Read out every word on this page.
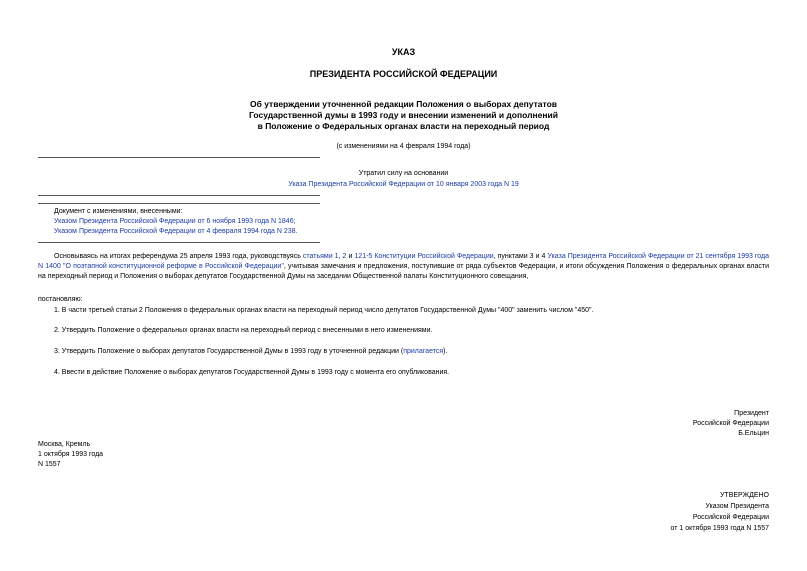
УКАЗ
ПРЕЗИДЕНТА РОССИЙСКОЙ ФЕДЕРАЦИИ
Об утверждении уточненной редакции Положения о выборах депутатов
Государственной думы в 1993 году и внесении изменений и дополнений
в Положение о Федеральных органах власти на переходный период
(с изменениями на 4 февраля 1994 года)
Утратил силу на основании
Указа Президента Российской Федерации от 10 января 2003 года N 19
Документ с изменениями, внесенными:
Указом Президента Российской Федерации от 6 ноября 1993 года N 1846;
Указом Президента Российской Федерации от 4 февраля 1994 года N 238.
Основываясь на итогах референдума 25 апреля 1993 года, руководствуясь статьями 1, 2 и 121-5 Конституции Российской Федерации, пунктами 3 и 4 Указа Президента Российской Федерации от 21 сентября 1993 года N 1400 "О поэтапной конституционной реформе в Российской Федерации", учитывая замечания и предложения, поступившие от ряда субъектов Федерации, и итоги обсуждения Положения о федеральных органах власти на переходный период и Положения о выборах депутатов Государственной Думы на заседании Общественной палаты Конституционного совещания,
постановляю:
1. В части третьей статьи 2 Положения о федеральных органах власти на переходный период число депутатов Государственной Думы "400" заменить числом "450".
2. Утвердить Положение о федеральных органах власти на переходный период с внесенными в него изменениями.
3. Утвердить Положение о выборах депутатов Государственной Думы в 1993 году в уточненной редакции (прилагается).
4. Ввести в действие Положение о выборах депутатов Государственной Думы в 1993 году с момента его опубликования.
Президент
Российской Федерации
Б.Ельцин
Москва, Кремль
1 октября 1993 года
N 1557
УТВЕРЖДЕНО
Указом Президента
Российской Федерации
от 1 октября 1993 года N 1557
